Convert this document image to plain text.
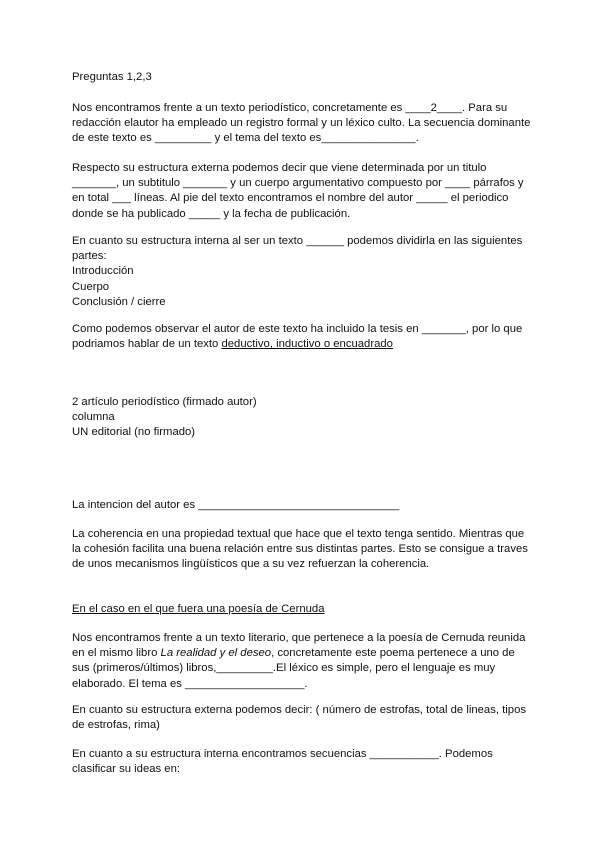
Preguntas 1,2,3

Nos encontramos frente a un texto periodístico, concretamente es ____2____. Para su redacción elautor ha empleado un registro formal y un léxico culto. La secuencia dominante de este texto es _________ y el tema del texto es_______________.

Respecto su estructura externa podemos decir que viene determinada por un titulo _______, un subtitulo _______ y un cuerpo argumentativo compuesto por ____ párrafos y en total ___ líneas. Al pie del texto encontramos el nombre del autor _____ el periodico donde se ha publicado _____ y la fecha de publicación.

En cuanto su estructura interna al ser un texto ______ podemos dividirla en las siguientes partes:
Introducción
Cuerpo
Conclusión / cierre

Como podemos observar el autor de este texto ha incluido la tesis en _______, por lo que podriamos hablar de un texto deductivo, inductivo o encuadrado

2 artículo periodístico (firmado autor)
columna
UN editorial (no firmado)

La intencion del autor es ________________________________

La coherencia en una propiedad textual que hace que el texto tenga sentido. Mientras que la cohesión facilita una buena relación entre sus distintas partes. Esto se consigue a traves de unos mecanismos lingüísticos que a su vez refuerzan la coherencia.

En el caso en el que fuera una poesía de Cernuda

Nos encontramos frente a un texto literario, que pertenece a la poesía de Cernuda reunida en el mismo libro La realidad y el deseo, concretamente este poema pertenece a uno de sus (primeros/últimos) libros,_________.El léxico es simple, pero el lenguaje es muy elaborado. El tema es ___________________.

En cuanto su estructura externa podemos decir: ( número de estrofas, total de lineas, tipos de estrofas, rima)

En cuanto a su estructura interna encontramos secuencias ___________. Podemos clasificar su ideas en:
